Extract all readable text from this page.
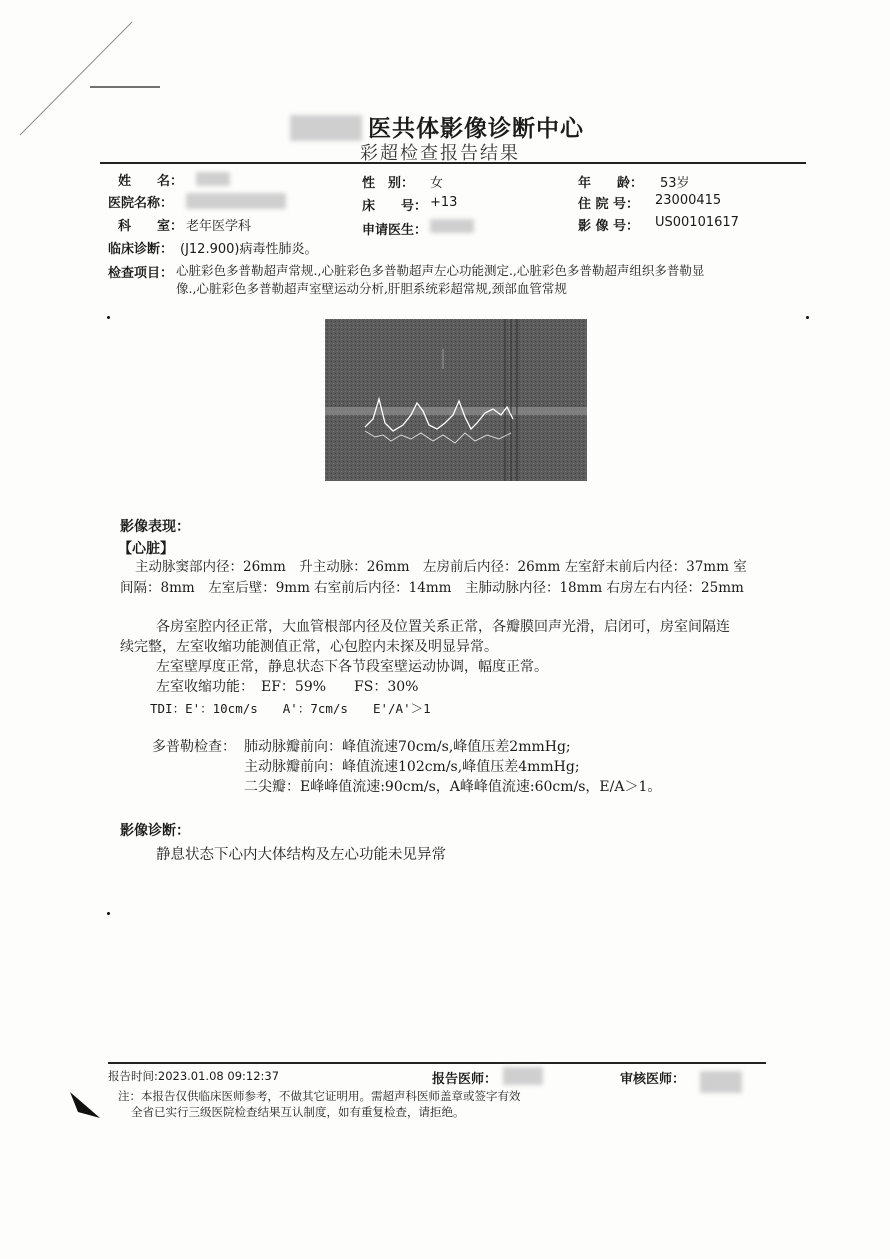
医共体影像诊断中心
彩超检查报告结果
姓　　名：
医院名称：
科　　室： 老年医学科
性　别： 女
床　　号： +13
申请医生：
年　　龄： 53岁
住 院 号： 23000415
影 像 号： US00101617
临床诊断： (J12.900)病毒性肺炎。
检查项目： 心脏彩色多普勒超声常规.,心脏彩色多普勒超声左心功能测定.,心脏彩色多普勒超声组织多普勒显
像.,心脏彩色多普勒超声室壁运动分析,肝胆系统彩超常规,颈部血管常规
影像表现：
【心脏】
主动脉窦部内径：26mm　升主动脉：26mm　左房前后内径：26mm 左室舒末前后内径：37mm 室
间隔：8mm　左室后壁：9mm 右室前后内径：14mm　主肺动脉内径：18mm 右房左右内径：25mm
各房室腔内径正常，大血管根部内径及位置关系正常，各瓣膜回声光滑，启闭可，房室间隔连
续完整，左室收缩功能测值正常，心包腔内未探及明显异常。
左室壁厚度正常，静息状态下各节段室壁运动协调，幅度正常。
左室收缩功能：　EF：59%　　FS：30%
TDI：E'：10cm/s　　A'：7cm/s　　E'/A'＞1
多普勒检查： 肺动脉瓣前向：峰值流速70cm/s,峰值压差2mmHg;
主动脉瓣前向：峰值流速102cm/s,峰值压差4mmHg;
二尖瓣：E峰峰值流速:90cm/s，A峰峰值流速:60cm/s，E/A＞1。
影像诊断：
静息状态下心内大体结构及左心功能未见异常
报告时间:2023.01.08 09:12:37	报告医师：	审核医师：
注：本报告仅供临床医师参考，不做其它证明用。需超声科医师盖章或签字有效
全省已实行三级医院检查结果互认制度，如有重复检查，请拒绝。
